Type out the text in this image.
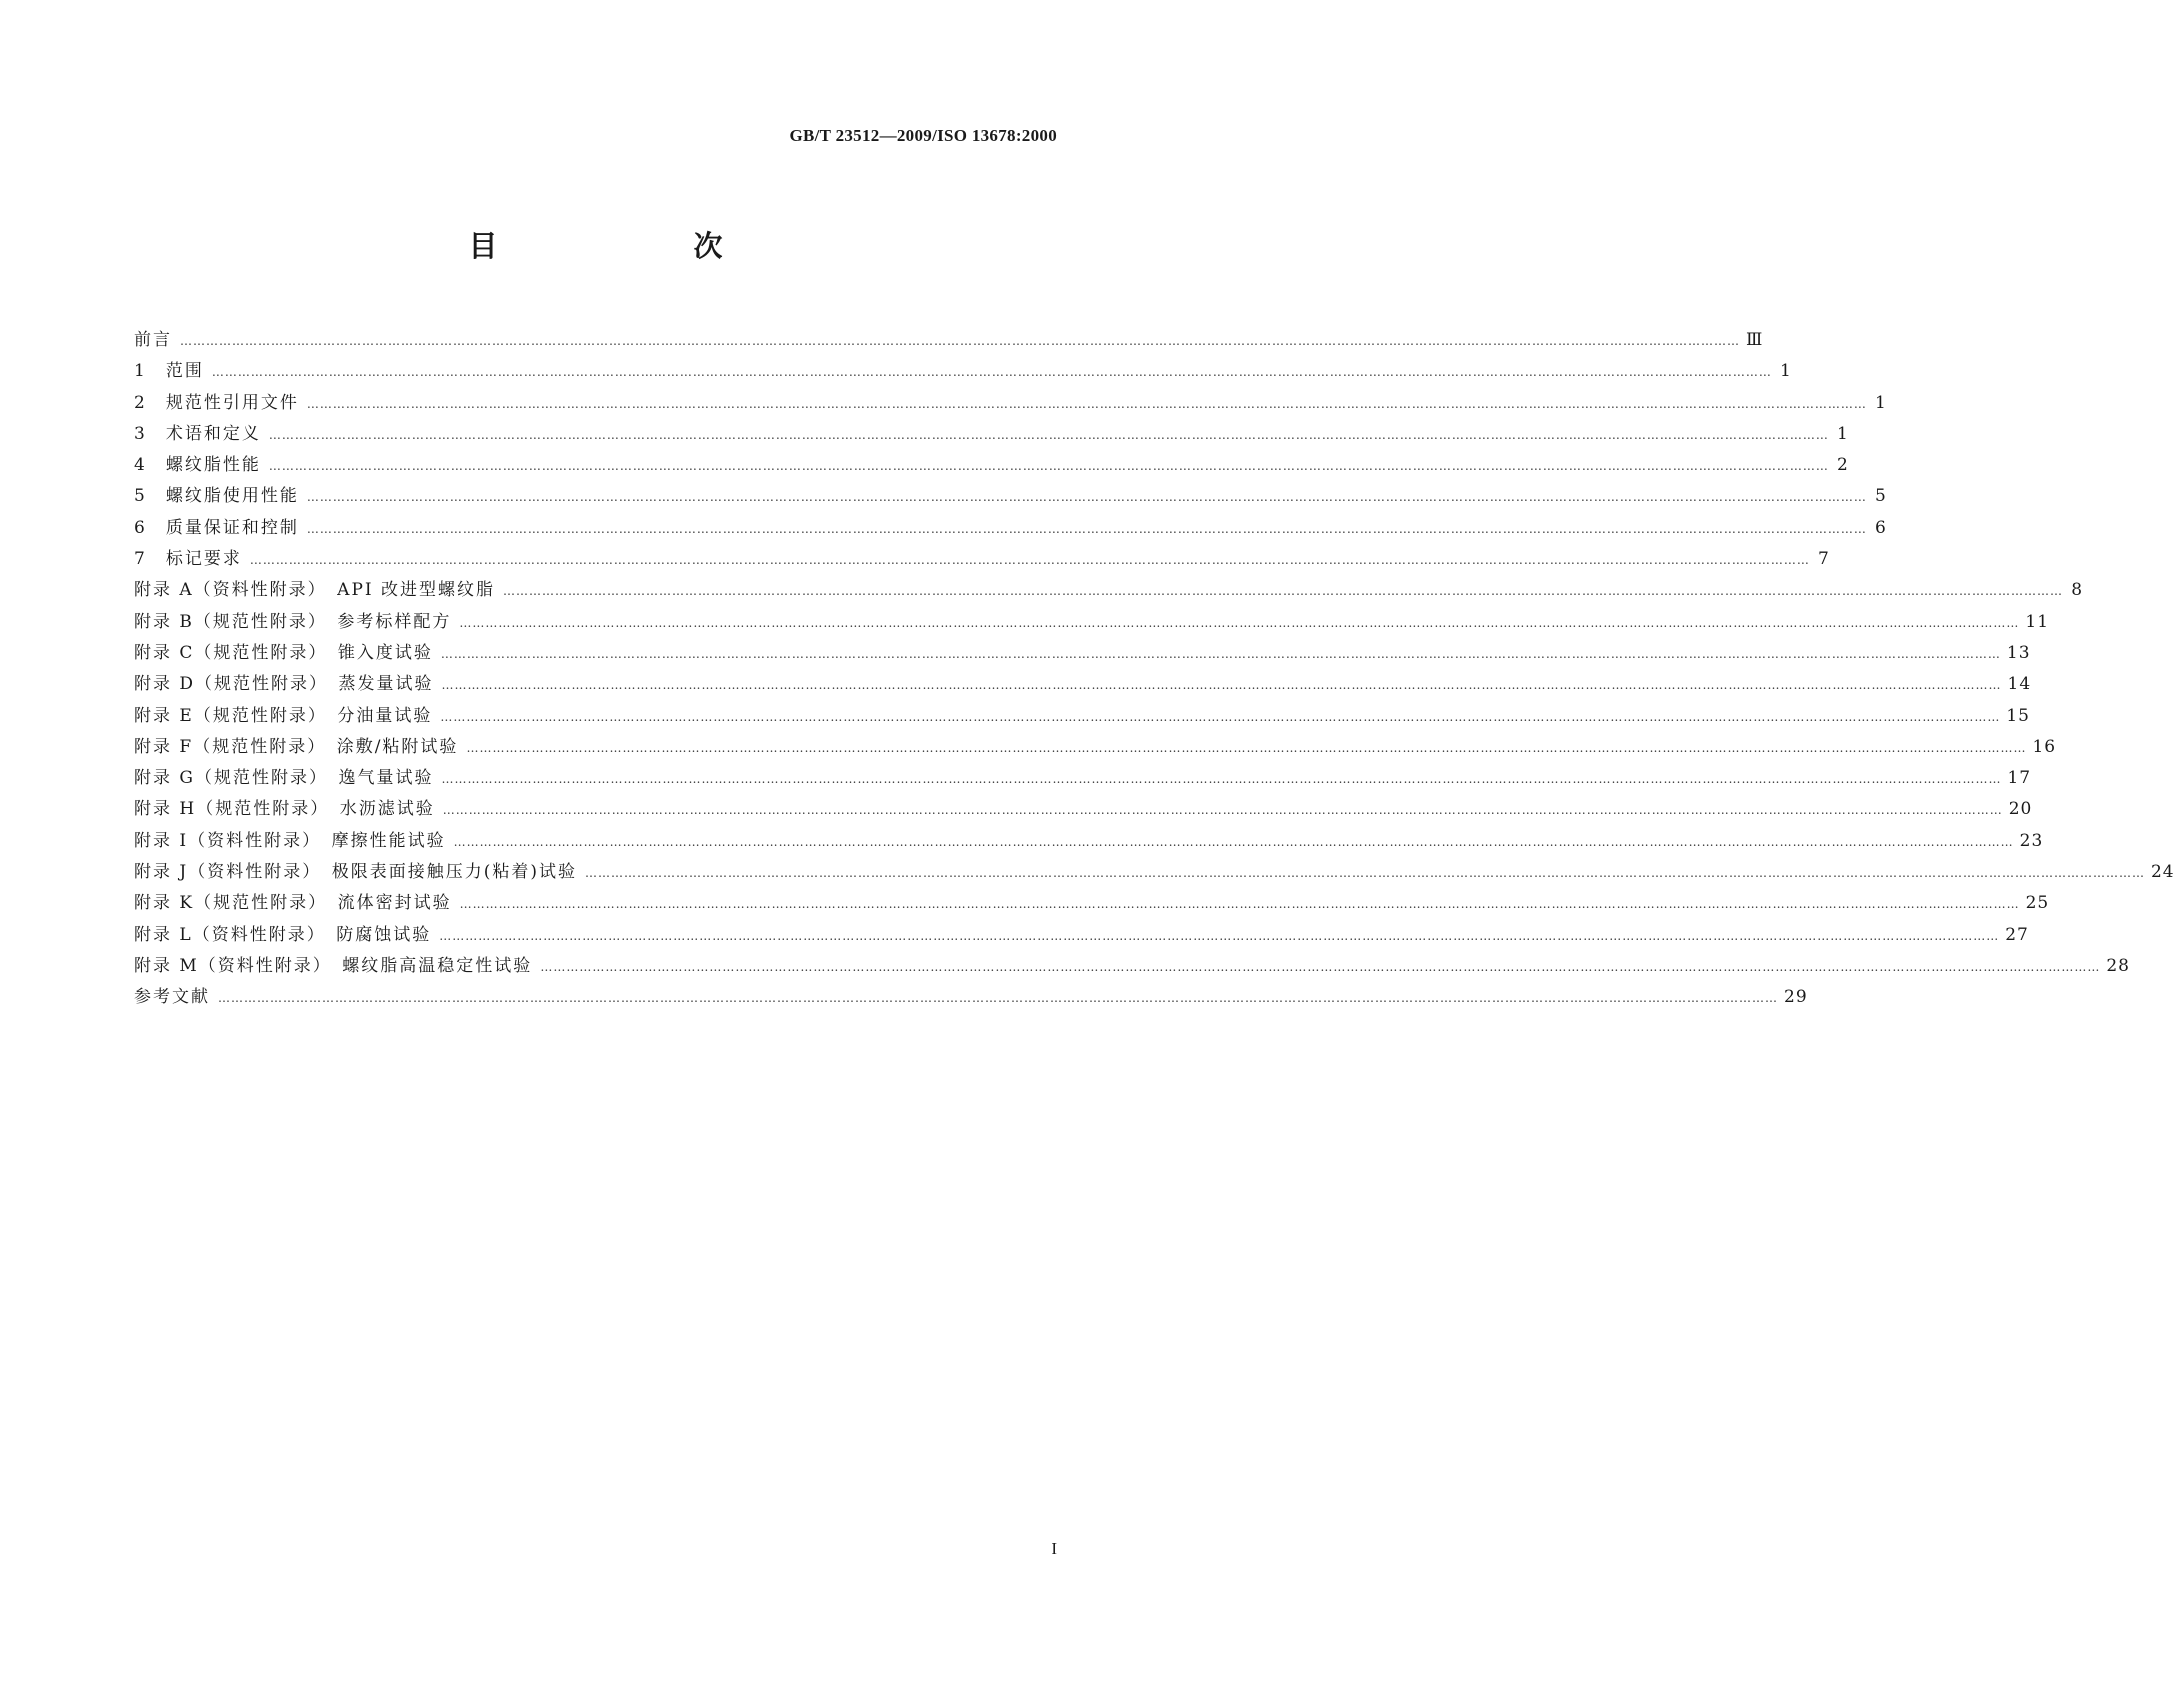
GB/T 23512—2009/ISO 13678:2000
目　　次
前言 ……………………………………………………………………………………………………………………………………………………………………………………………………………………………………………………………………………………………………………………………… Ⅲ
1　范围 ……………………………………………………………………………………………………………………………………………………………………………………………………………………………………………………………………………………………………………………………… 1
2　规范性引用文件 ……………………………………………………………………………………………………………………………………………………………………………………………………………………………………………………………………………………………………………………………… 1
3　术语和定义 ……………………………………………………………………………………………………………………………………………………………………………………………………………………………………………………………………………………………………………………………… 1
4　螺纹脂性能 ……………………………………………………………………………………………………………………………………………………………………………………………………………………………………………………………………………………………………………………………… 2
5　螺纹脂使用性能 ……………………………………………………………………………………………………………………………………………………………………………………………………………………………………………………………………………………………………………………………… 5
6　质量保证和控制 ……………………………………………………………………………………………………………………………………………………………………………………………………………………………………………………………………………………………………………………………… 6
7　标记要求 ……………………………………………………………………………………………………………………………………………………………………………………………………………………………………………………………………………………………………………………………… 7
附录 A（资料性附录）　API 改进型螺纹脂 ……………………………………………………………………………………………………………………………………………………………………………………………………………………………………………………………………………………………………………………………… 8
附录 B（规范性附录）　参考标样配方 ……………………………………………………………………………………………………………………………………………………………………………………………………………………………………………………………………………………………………………………………… 11
附录 C（规范性附录）　锥入度试验 ……………………………………………………………………………………………………………………………………………………………………………………………………………………………………………………………………………………………………………………………… 13
附录 D（规范性附录）　蒸发量试验 ……………………………………………………………………………………………………………………………………………………………………………………………………………………………………………………………………………………………………………………………… 14
附录 E（规范性附录）　分油量试验 ……………………………………………………………………………………………………………………………………………………………………………………………………………………………………………………………………………………………………………………………… 15
附录 F（规范性附录）　涂敷/粘附试验 ……………………………………………………………………………………………………………………………………………………………………………………………………………………………………………………………………………………………………………………………… 16
附录 G（规范性附录）　逸气量试验 ……………………………………………………………………………………………………………………………………………………………………………………………………………………………………………………………………………………………………………………………… 17
附录 H（规范性附录）　水沥滤试验 ……………………………………………………………………………………………………………………………………………………………………………………………………………………………………………………………………………………………………………………………… 20
附录 I（资料性附录）　摩擦性能试验 ……………………………………………………………………………………………………………………………………………………………………………………………………………………………………………………………………………………………………………………………… 23
附录 J（资料性附录）　极限表面接触压力(粘着)试验 ……………………………………………………………………………………………………………………………………………………………………………………………………………………………………………………………………………………………………………………………… 24
附录 K（规范性附录）　流体密封试验 ……………………………………………………………………………………………………………………………………………………………………………………………………………………………………………………………………………………………………………………………… 25
附录 L（资料性附录）　防腐蚀试验 ……………………………………………………………………………………………………………………………………………………………………………………………………………………………………………………………………………………………………………………………… 27
附录 M（资料性附录）　螺纹脂高温稳定性试验 ……………………………………………………………………………………………………………………………………………………………………………………………………………………………………………………………………………………………………………………………… 28
参考文献 ……………………………………………………………………………………………………………………………………………………………………………………………………………………………………………………………………………………………………………………………… 29
I
